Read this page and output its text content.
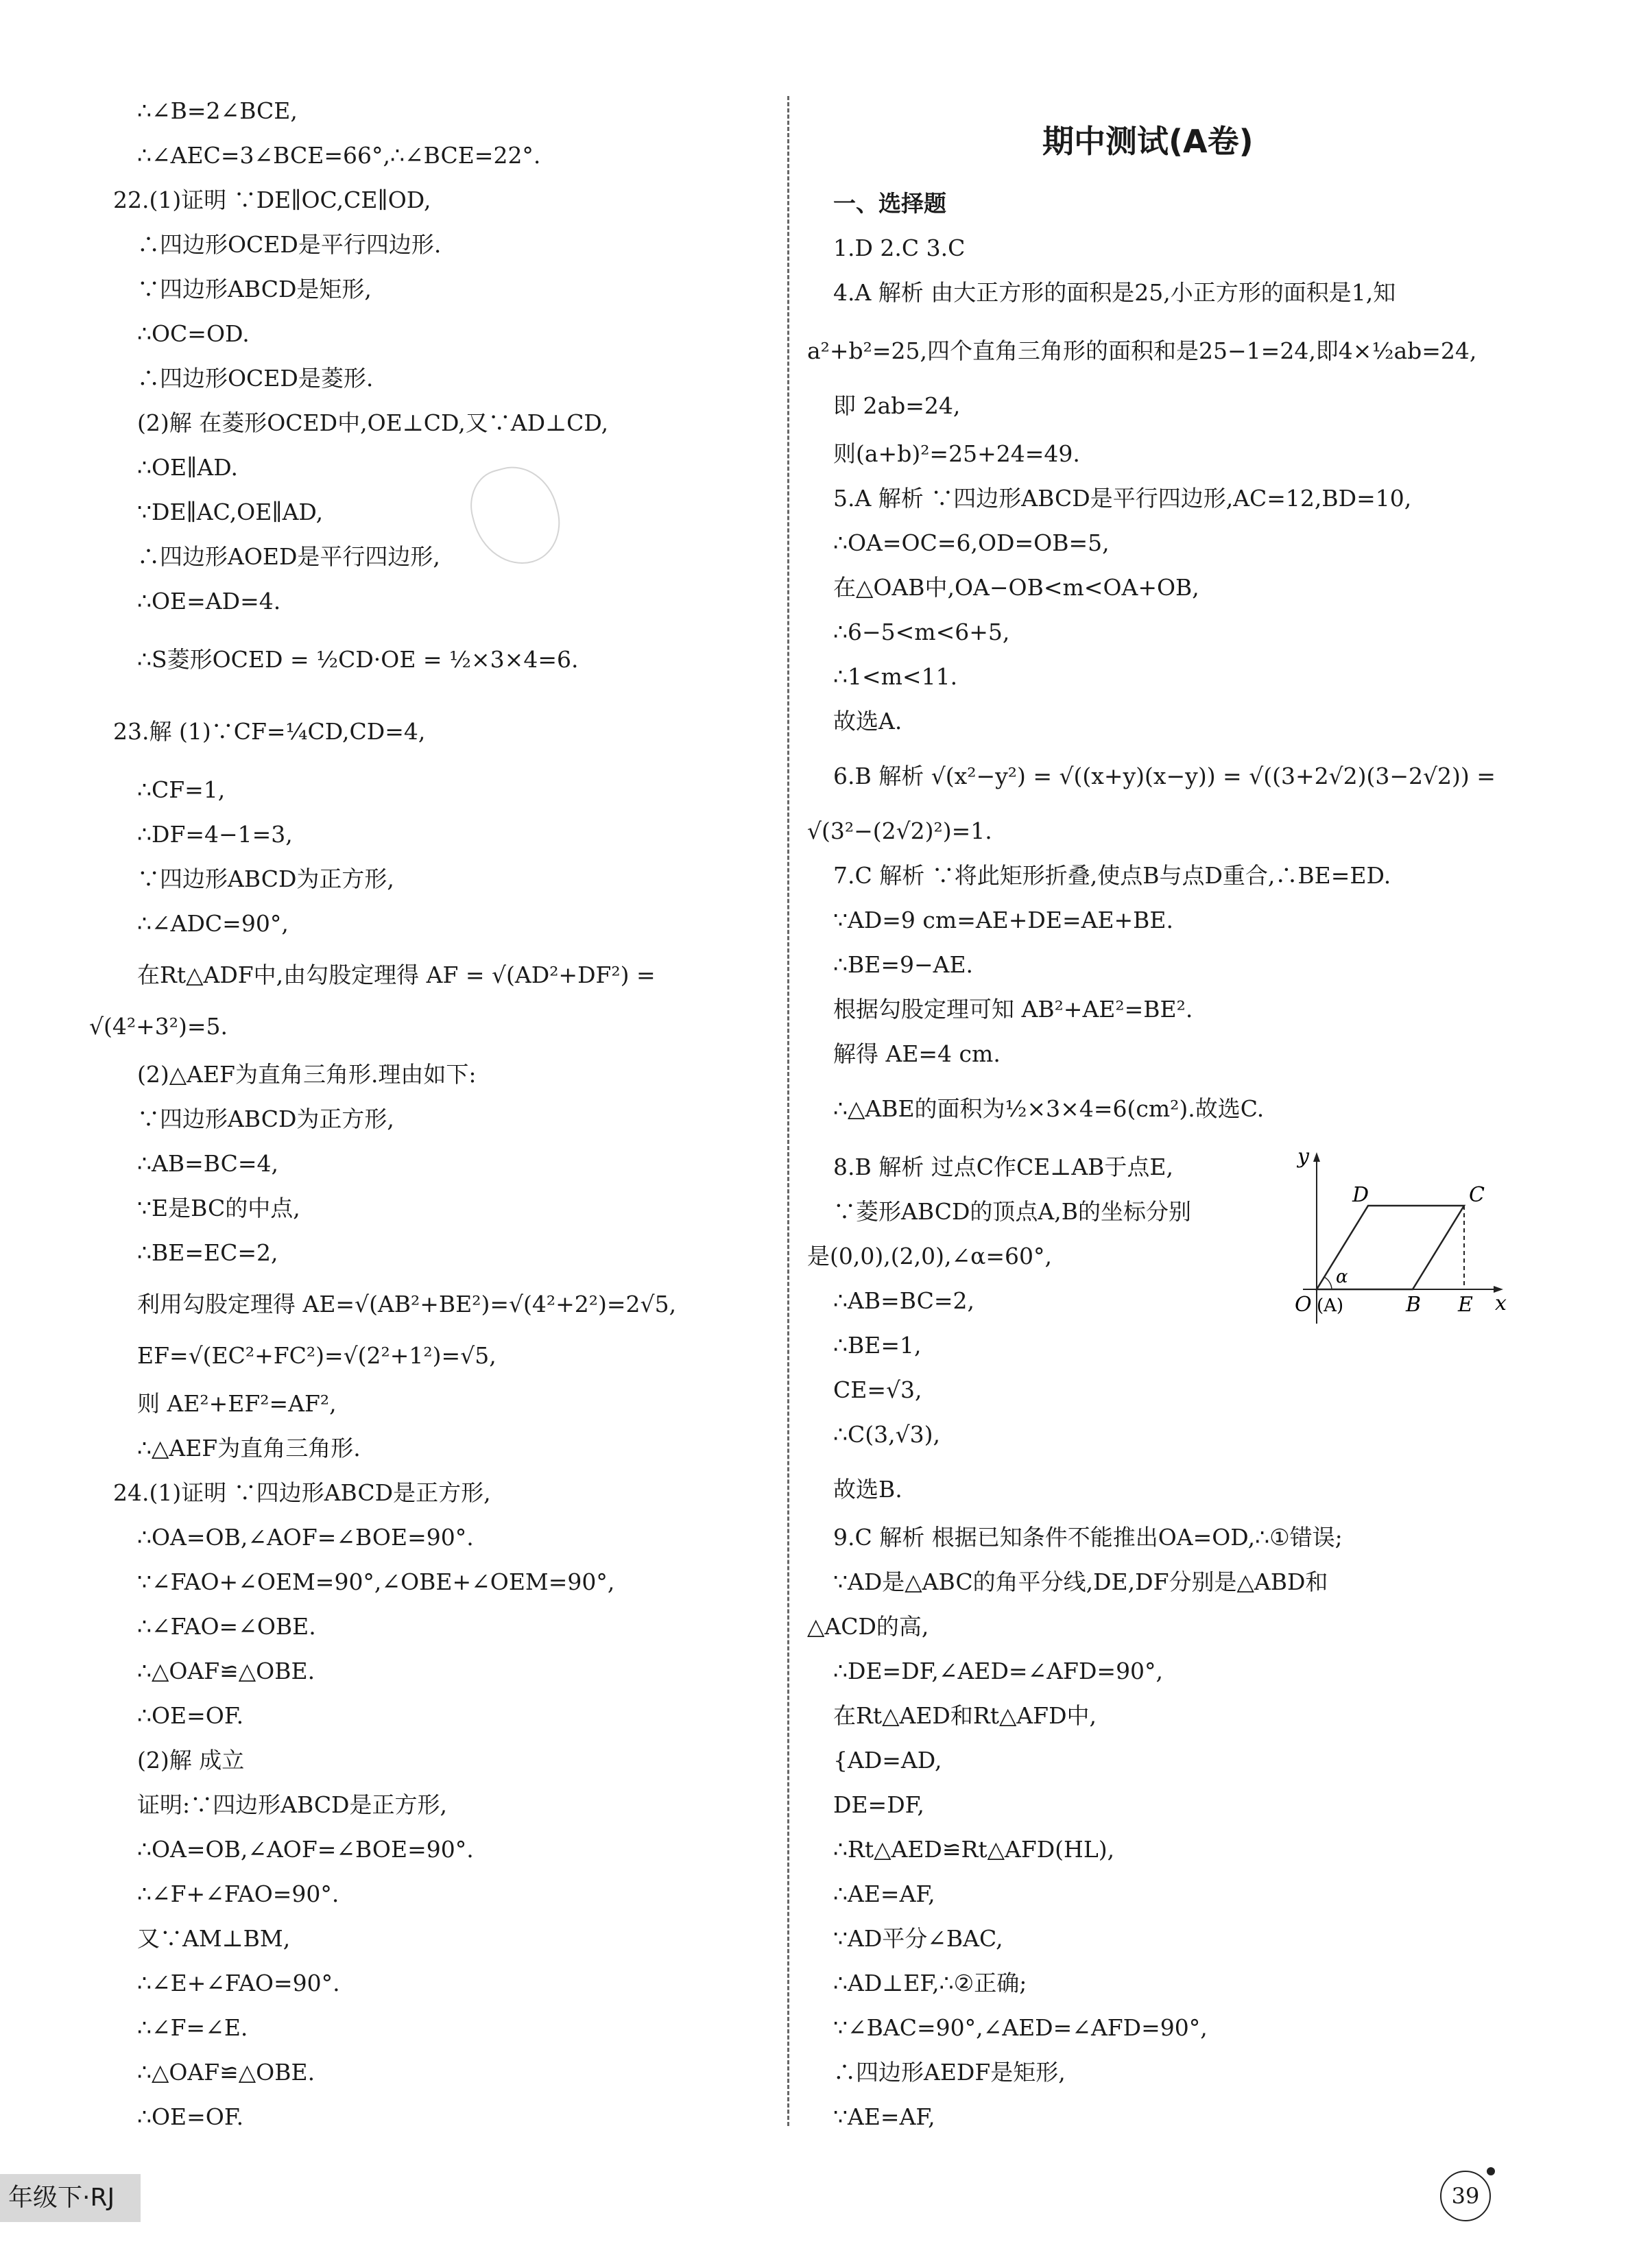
∴∠B=2∠BCE,
∴∠AEC=3∠BCE=66°,∴∠BCE=22°.
22.(1)证明 ∵DE∥OC,CE∥OD,
∴四边形OCED是平行四边形.
∵四边形ABCD是矩形,
∴OC=OD.
∴四边形OCED是菱形.
(2)解 在菱形OCED中,OE⊥CD,又∵AD⊥CD,
∴OE∥AD.
∵DE∥AC,OE∥AD,
∴四边形AOED是平行四边形,
∴OE=AD=4.
∴S菱形OCED = ½CD·OE = ½×3×4=6.
23.解 (1)∵CF=¼CD,CD=4,
∴CF=1,
∴DF=4−1=3,
∵四边形ABCD为正方形,
∴∠ADC=90°,
在Rt△ADF中,由勾股定理得 AF = √(AD²+DF²) =
√(4²+3²)=5.
(2)△AEF为直角三角形.理由如下:
∵四边形ABCD为正方形,
∴AB=BC=4,
∵E是BC的中点,
∴BE=EC=2,
利用勾股定理得 AE=√(AB²+BE²)=√(4²+2²)=2√5,
EF=√(EC²+FC²)=√(2²+1²)=√5,
则 AE²+EF²=AF²,
∴△AEF为直角三角形.
24.(1)证明 ∵四边形ABCD是正方形,
∴OA=OB,∠AOF=∠BOE=90°.
∵∠FAO+∠OEM=90°,∠OBE+∠OEM=90°,
∴∠FAO=∠OBE.
∴△OAF≌△OBE.
∴OE=OF.
(2)解 成立
证明:∵四边形ABCD是正方形,
∴OA=OB,∠AOF=∠BOE=90°.
∴∠F+∠FAO=90°.
又∵AM⊥BM,
∴∠E+∠FAO=90°.
∴∠F=∠E.
∴△OAF≌△OBE.
∴OE=OF.
期中测试(A卷)
一、选择题
1.D 2.C 3.C
4.A 解析 由大正方形的面积是25,小正方形的面积是1,知
a²+b²=25,四个直角三角形的面积和是25−1=24,即4×½ab=24,
即 2ab=24,
则(a+b)²=25+24=49.
5.A 解析 ∵四边形ABCD是平行四边形,AC=12,BD=10,
∴OA=OC=6,OD=OB=5,
在△OAB中,OA−OB<m<OA+OB,
∴6−5<m<6+5,
∴1<m<11.
故选A.
6.B 解析 √(x²−y²) = √((x+y)(x−y)) = √((3+2√2)(3−2√2)) =
√(3²−(2√2)²)=1.
7.C 解析 ∵将此矩形折叠,使点B与点D重合,∴BE=ED.
∵AD=9 cm=AE+DE=AE+BE.
∴BE=9−AE.
根据勾股定理可知 AB²+AE²=BE².
解得 AE=4 cm.
∴△ABE的面积为½×3×4=6(cm²).故选C.
8.B 解析 过点C作CE⊥AB于点E,
∵菱形ABCD的顶点A,B的坐标分别
是(0,0),(2,0),∠α=60°,
∴AB=BC=2,
∴BE=1,
CE=√3,
∴C(3,√3),
故选B.
9.C 解析 根据已知条件不能推出OA=OD,∴①错误;
∵AD是△ABC的角平分线,DE,DF分别是△ABD和
△ACD的高,
∴DE=DF,∠AED=∠AFD=90°,
在Rt△AED和Rt△AFD中,
{AD=AD,
DE=DF,
∴Rt△AED≌Rt△AFD(HL),
∴AE=AF,
∵AD平分∠BAC,
∴AD⊥EF,∴②正确;
∵∠BAC=90°,∠AED=∠AFD=90°,
∴四边形AEDF是矩形,
∵AE=AF,
y
x
D	C
O (A)	B E
α
年级下·RJ	39
